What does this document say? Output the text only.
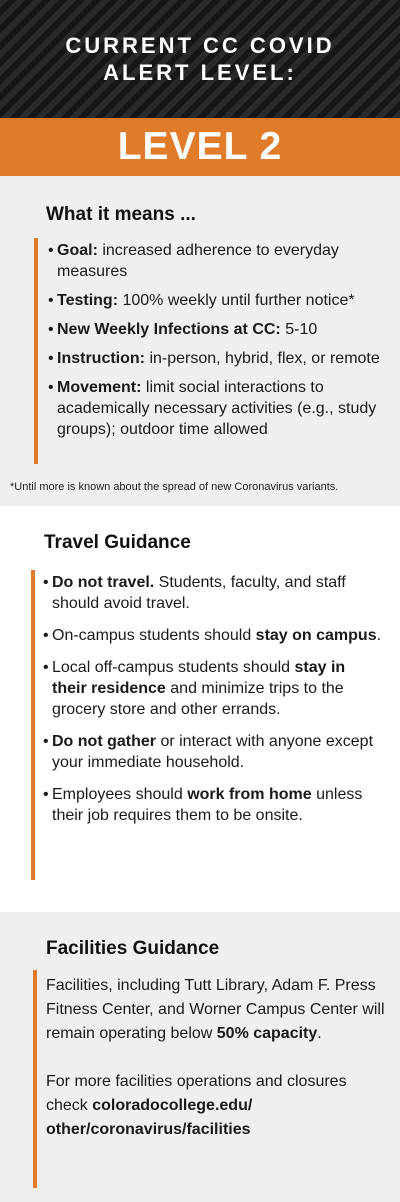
CURRENT CC COVID
ALERT LEVEL:
LEVEL 2
What it means ...
• Goal: increased adherence to everyday measures
• Testing: 100% weekly until further notice*
• New Weekly Infections at CC: 5-10
• Instruction: in-person, hybrid, flex, or remote
• Movement: limit social interactions to academically necessary activities (e.g., study groups); outdoor time allowed
*Until more is known about the spread of new Coronavirus variants.
Travel Guidance
• Do not travel. Students, faculty, and staff should avoid travel.
• On-campus students should stay on campus.
• Local off-campus students should stay in their residence and minimize trips to the grocery store and other errands.
• Do not gather or interact with anyone except your immediate household.
• Employees should work from home unless their job requires them to be onsite.
Facilities Guidance

Facilities, including Tutt Library, Adam F. Press Fitness Center, and Worner Campus Center will remain operating below 50% capacity.

For more facilities operations and closures check coloradocollege.edu/ other/coronavirus/facilities
